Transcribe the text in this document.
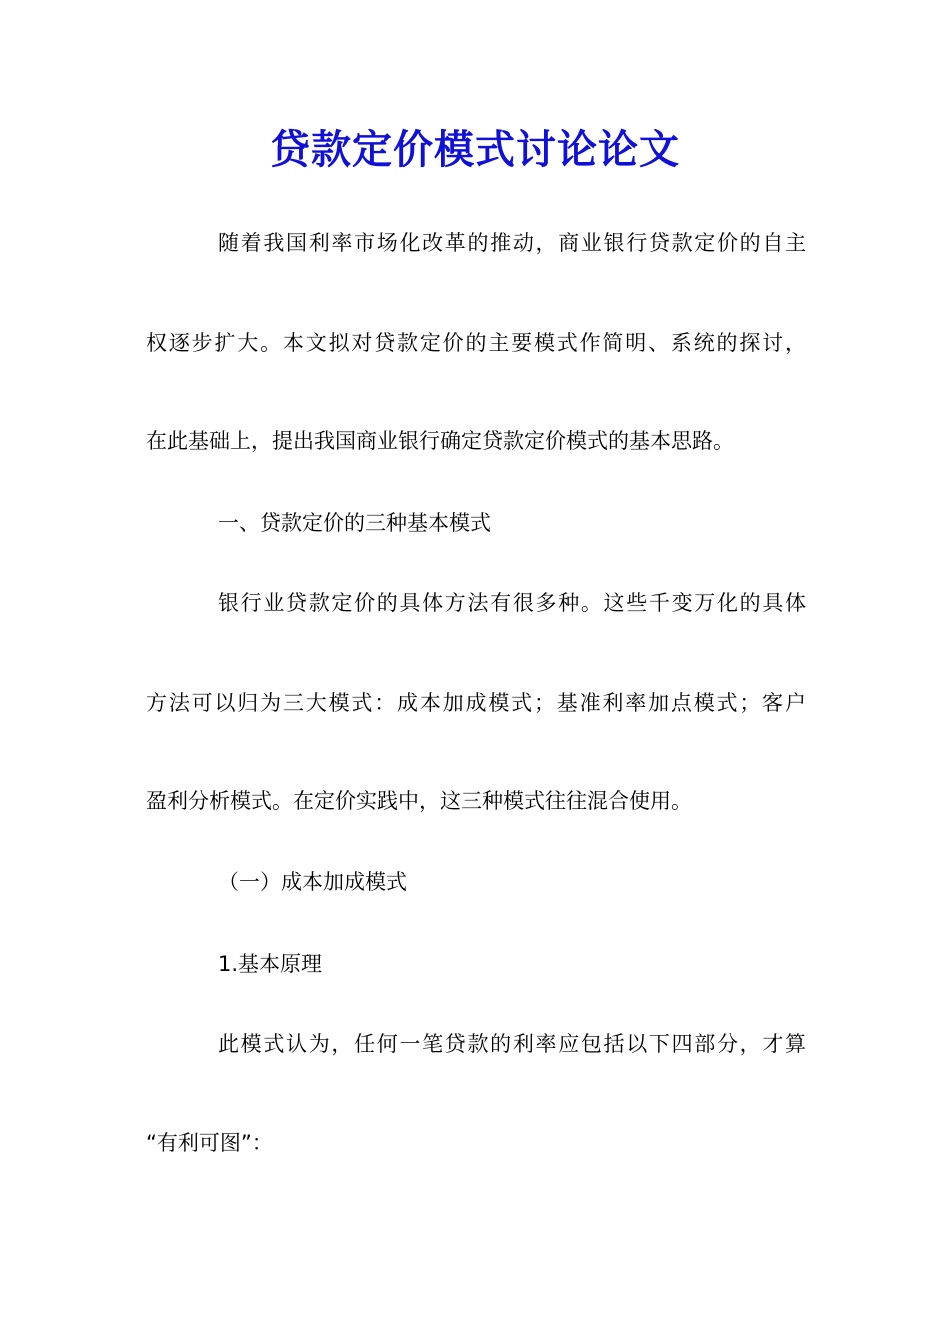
贷款定价模式讨论论文
随着我国利率市场化改革的推动，商业银行贷款定价的自主
权逐步扩大。本文拟对贷款定价的主要模式作简明、系统的探讨，
在此基础上，提出我国商业银行确定贷款定价模式的基本思路。
一、贷款定价的三种基本模式
银行业贷款定价的具体方法有很多种。这些千变万化的具体
方法可以归为三大模式：成本加成模式；基准利率加点模式；客户
盈利分析模式。在定价实践中，这三种模式往往混合使用。
（一）成本加成模式
1.基本原理
此模式认为，任何一笔贷款的利率应包括以下四部分，才算
“有利可图”：
